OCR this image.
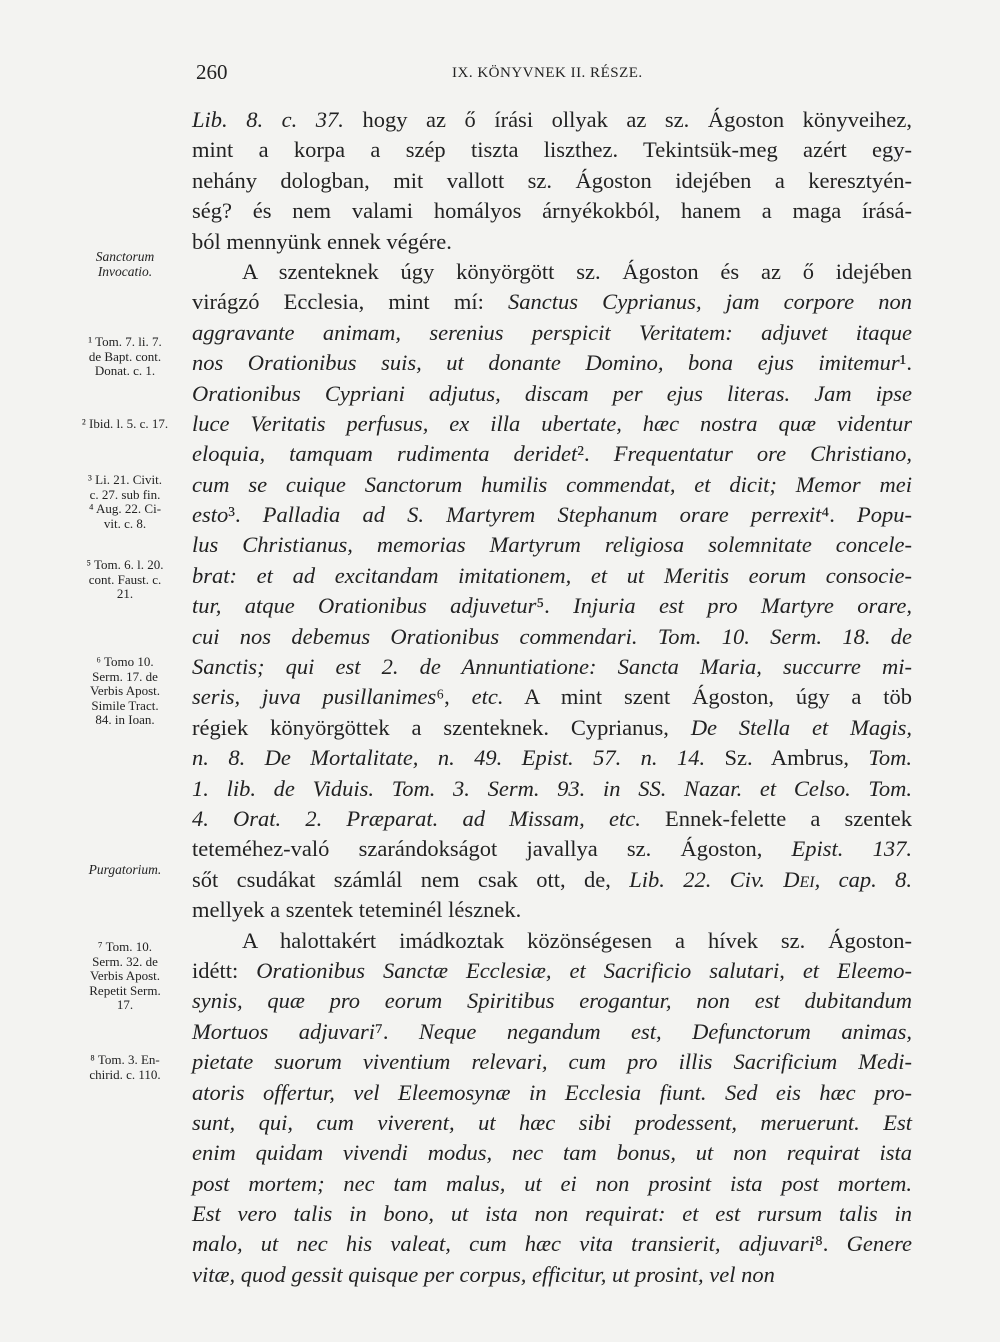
260	IX. KÖNYVNEK II. RÉSZE.
Sanctorum
Invocatio.
¹ Tom. 7. li. 7.
de Bapt. cont.
Donat. c. 1.
² Ibid. l. 5. c. 17.
³ Li. 21. Civit.
c. 27. sub fin.
⁴ Aug. 22. Ci-
vit. c. 8.
⁵ Tom. 6. l. 20.
cont. Faust. c.
21.
⁶ Tomo 10.
Serm. 17. de
Verbis Apost.
Simile Tract.
84. in Ioan.
Purgatorium.
⁷ Tom. 10.
Serm. 32. de
Verbis Apost.
Repetit Serm.
17.
⁸ Tom. 3. En-
chirid. c. 110.
Lib. 8. c. 37. hogy az ő írási ollyak az sz. Ágoston könyveihez,
mint a korpa a szép tiszta liszthez. Tekintsük-meg azért egy-
nehány dologban, mit vallott sz. Ágoston idejében a keresztyén-
ség? és nem valami homályos árnyékokból, hanem a maga írásá-
ból mennyünk ennek végére.
A szenteknek úgy könyörgött sz. Ágoston és az ő idejében
virágzó Ecclesia, mint mí: Sanctus Cyprianus, jam corpore non
aggravante animam, serenius perspicit Veritatem: adjuvet itaque
nos Orationibus suis, ut donante Domino, bona ejus imitemur¹.
Orationibus Cypriani adjutus, discam per ejus literas. Jam ipse
luce Veritatis perfusus, ex illa ubertate, hæc nostra quæ videntur
eloquia, tamquam rudimenta deridet². Frequentatur ore Christiano,
cum se cuique Sanctorum humilis commendat, et dicit; Memor mei
esto³. Palladia ad S. Martyrem Stephanum orare perrexit⁴. Popu-
lus Christianus, memorias Martyrum religiosa solemnitate concele-
brat: et ad excitandam imitationem, et ut Meritis eorum consocie-
tur, atque Orationibus adjuvetur⁵. Injuria est pro Martyre orare,
cui nos debemus Orationibus commendari. Tom. 10. Serm. 18. de
Sanctis; qui est 2. de Annuntiatione: Sancta Maria, succurre mi-
seris, juva pusillanimes⁶, etc. A mint szent Ágoston, úgy a töb
régiek könyörgöttek a szenteknek. Cyprianus, De Stella et Magis,
n. 8. De Mortalitate, n. 49. Epist. 57. n. 14. Sz. Ambrus, Tom.
1. lib. de Viduis. Tom. 3. Serm. 93. in SS. Nazar. et Celso. Tom.
4. Orat. 2. Præparat. ad Missam, etc. Ennek-felette a szentek
teteméhez-való szarándokságot javallya sz. Ágoston, Epist. 137.
sőt csudákat számlál nem csak ott, de, Lib. 22. Civ. Dei, cap. 8.
mellyek a szentek teteminél lésznek.
A halottakért imádkoztak közönségesen a hívek sz. Ágoston-
idétt: Orationibus Sanctæ Ecclesiæ, et Sacrificio salutari, et Eleemo-
synis, quæ pro eorum Spiritibus erogantur, non est dubitandum
Mortuos adjuvari⁷. Neque negandum est, Defunctorum animas,
pietate suorum viventium relevari, cum pro illis Sacrificium Medi-
atoris offertur, vel Eleemosynæ in Ecclesia fiunt. Sed eis hæc pro-
sunt, qui, cum viverent, ut hæc sibi prodessent, meruerunt. Est
enim quidam vivendi modus, nec tam bonus, ut non requirat ista
post mortem; nec tam malus, ut ei non prosint ista post mortem.
Est vero talis in bono, ut ista non requirat: et est rursum talis in
malo, ut nec his valeat, cum hæc vita transierit, adjuvari⁸. Genere
vitæ, quod gessit quisque per corpus, efficitur, ut prosint, vel non
